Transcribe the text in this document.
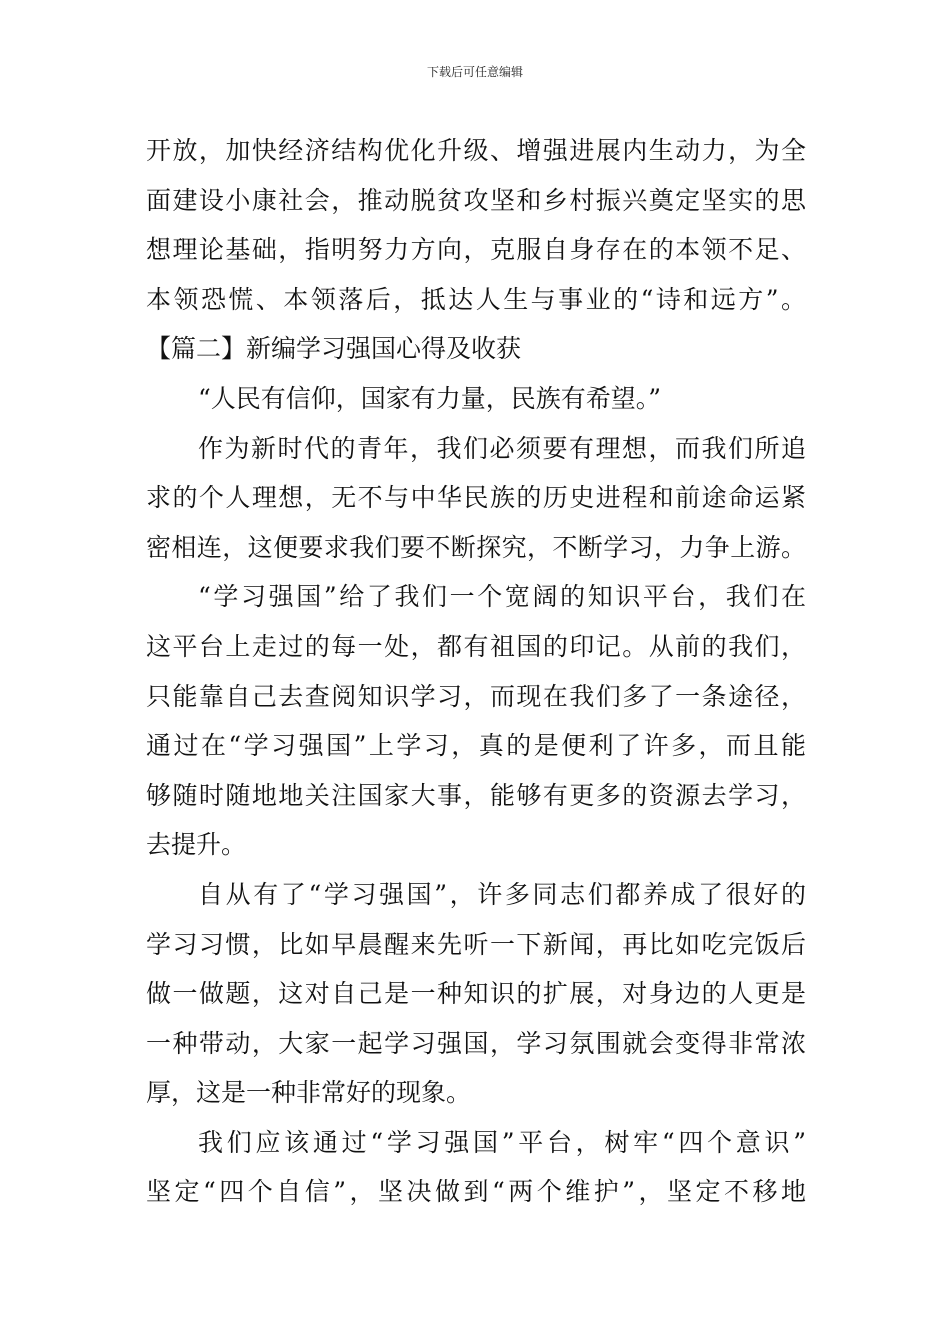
下载后可任意编辑
开放，加快经济结构优化升级、增强进展内生动力，为全
面建设小康社会，推动脱贫攻坚和乡村振兴奠定坚实的思
想理论基础，指明努力方向，克服自身存在的本领不足、
本领恐慌、本领落后，抵达人生与事业的“诗和远方”。
【篇二】新编学习强国心得及收获
“人民有信仰，国家有力量，民族有希望。”
作为新时代的青年，我们必须要有理想，而我们所追
求的个人理想，无不与中华民族的历史进程和前途命运紧
密相连，这便要求我们要不断探究，不断学习，力争上游。
“学习强国”给了我们一个宽阔的知识平台，我们在
这平台上走过的每一处，都有祖国的印记。从前的我们，
只能靠自己去查阅知识学习，而现在我们多了一条途径，
通过在“学习强国”上学习，真的是便利了许多，而且能
够随时随地地关注国家大事，能够有更多的资源去学习，
去提升。
自从有了“学习强国”，许多同志们都养成了很好的
学习习惯，比如早晨醒来先听一下新闻，再比如吃完饭后
做一做题，这对自己是一种知识的扩展，对身边的人更是
一种带动，大家一起学习强国，学习氛围就会变得非常浓
厚，这是一种非常好的现象。
我们应该通过“学习强国”平台，树牢“四个意识”
坚定“四个自信”，坚决做到“两个维护”，坚定不移地
